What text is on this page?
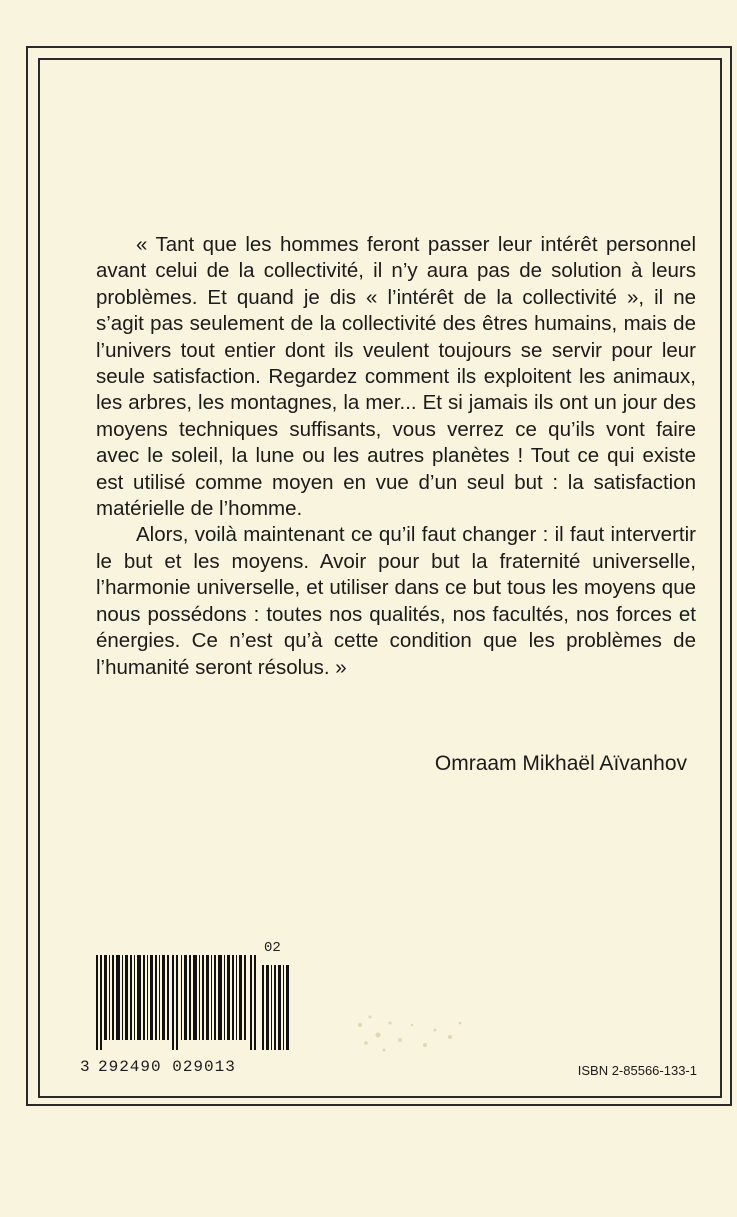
« Tant que les hommes feront passer leur intérêt personnel avant celui de la collectivité, il n’y aura pas de solution à leurs problèmes. Et quand je dis « l’intérêt de la collectivité », il ne s’agit pas seulement de la collectivité des êtres humains, mais de l’univers tout entier dont ils veulent toujours se servir pour leur seule satisfaction. Regardez comment ils exploitent les animaux, les arbres, les montagnes, la mer... Et si jamais ils ont un jour des moyens techniques suffisants, vous verrez ce qu’ils vont faire avec le soleil, la lune ou les autres planètes ! Tout ce qui existe est utilisé comme moyen en vue d’un seul but : la satisfaction matérielle de l’homme.

Alors, voilà maintenant ce qu’il faut changer : il faut intervertir le but et les moyens. Avoir pour but la fraternité universelle, l’harmonie universelle, et utiliser dans ce but tous les moyens que nous possédons : toutes nos qualités, nos facultés, nos forces et énergies. Ce n’est qu’à cette condition que les problèmes de l’humanité seront résolus. »

Omraam Mikhaël Aïvanhov
02
3 292490 029013	ISBN 2-85566-133-1
